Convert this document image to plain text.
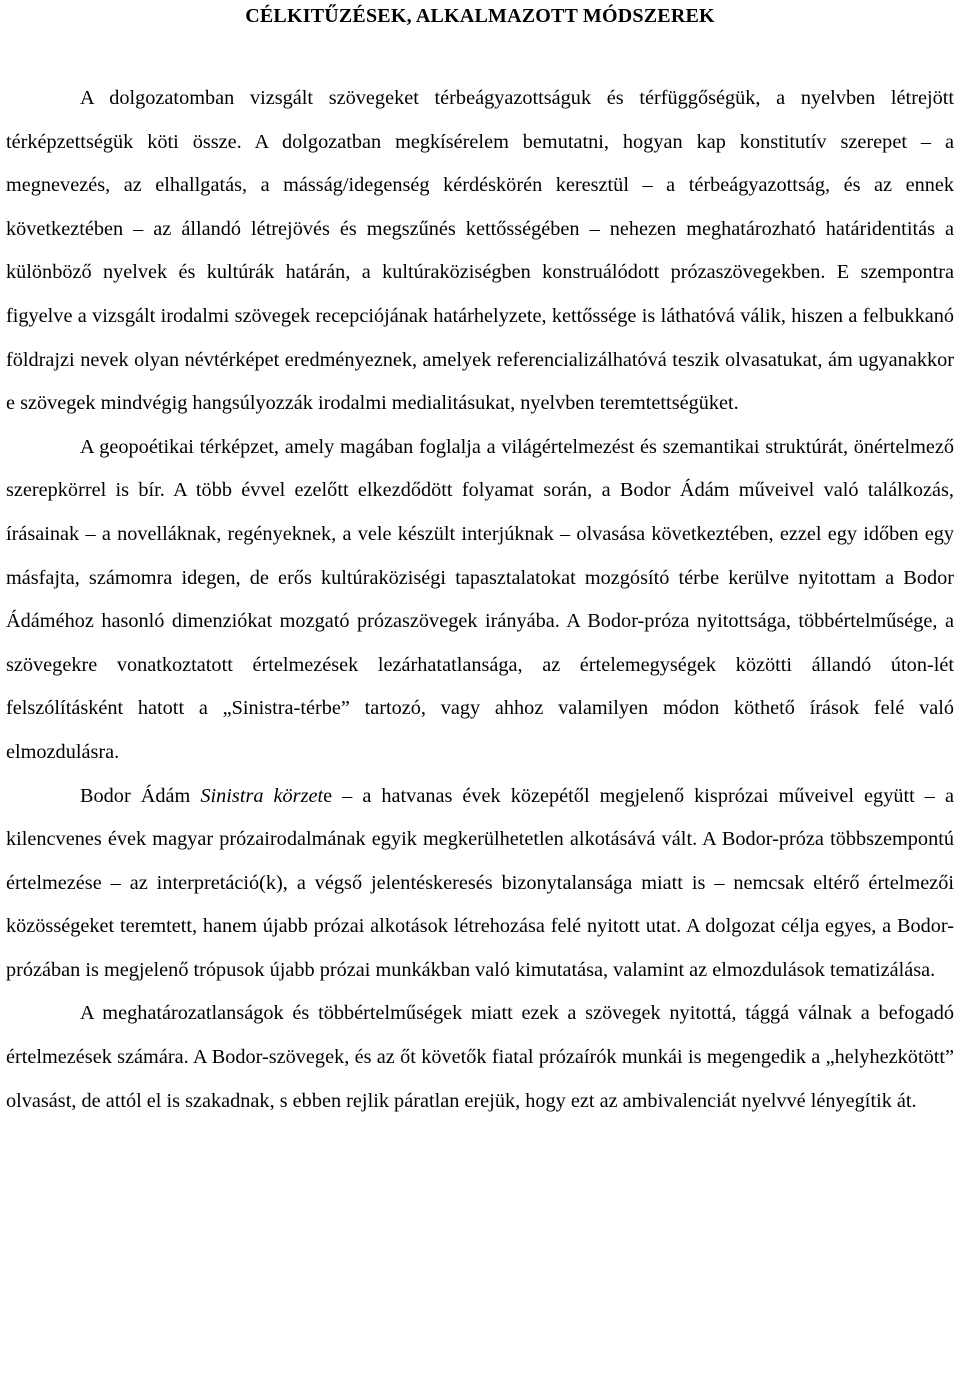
CÉLKITŰZÉSEK, ALKALMAZOTT MÓDSZEREK

A dolgozatomban vizsgált szövegeket térbeágyazottságuk és térfüggőségük, a nyelvben létrejött térképzettségük köti össze. A dolgozatban megkísérelem bemutatni, hogyan kap konstitutív szerepet – a megnevezés, az elhallgatás, a másság/idegenség kérdéskörén keresztül – a térbeágyazottság, és az ennek következtében – az állandó létrejövés és megszűnés kettősségében – nehezen meghatározható határidentitás a különböző nyelvek és kultúrák határán, a kultúraköziségben konstruálódott prózaszövegekben. E szempontra figyelve a vizsgált irodalmi szövegek recepciójának határhelyzete, kettőssége is láthatóvá válik, hiszen a felbukkanó földrajzi nevek olyan névtérképet eredményeznek, amelyek referencializálhatóvá teszik olvasatukat, ám ugyanakkor e szövegek mindvégig hangsúlyozzák irodalmi medialitásukat, nyelvben teremtettségüket.

A geopoétikai térképzet, amely magában foglalja a világértelmezést és szemantikai struktúrát, önértelmező szerepkörrel is bír. A több évvel ezelőtt elkezdődött folyamat során, a Bodor Ádám műveivel való találkozás, írásainak – a novelláknak, regényeknek, a vele készült interjúknak – olvasása következtében, ezzel egy időben egy másfajta, számomra idegen, de erős kultúraköziségi tapasztalatokat mozgósító térbe kerülve nyitottam a Bodor Ádáméhoz hasonló dimenziókat mozgató prózaszövegek irányába. A Bodor-próza nyitottsága, többértelműsége, a szövegekre vonatkoztatott értelmezések lezárhatatlansága, az értelemegységek közötti állandó úton-lét felszólításként hatott a „Sinistra-térbe” tartozó, vagy ahhoz valamilyen módon köthető írások felé való elmozdulásra.

Bodor Ádám Sinistra körzete – a hatvanas évek közepétől megjelenő kisprózai műveivel együtt – a kilencvenes évek magyar prózairodalmának egyik megkerülhetetlen alkotásává vált. A Bodor-próza többszempontú értelmezése – az interpretáció(k), a végső jelentéskeresés bizonytalansága miatt is – nemcsak eltérő értelmezői közösségeket teremtett, hanem újabb prózai alkotások létrehozása felé nyitott utat. A dolgozat célja egyes, a Bodor-prózában is megjelenő trópusok újabb prózai munkákban való kimutatása, valamint az elmozdulások tematizálása.

A meghatározatlanságok és többértelműségek miatt ezek a szövegek nyitottá, tággá válnak a befogadó értelmezések számára. A Bodor-szövegek, és az őt követők fiatal prózaírók munkái is megengedik a „helyhezkötött” olvasást, de attól el is szakadnak, s ebben rejlik páratlan erejük, hogy ezt az ambivalenciát nyelvvé lényegítik át.
